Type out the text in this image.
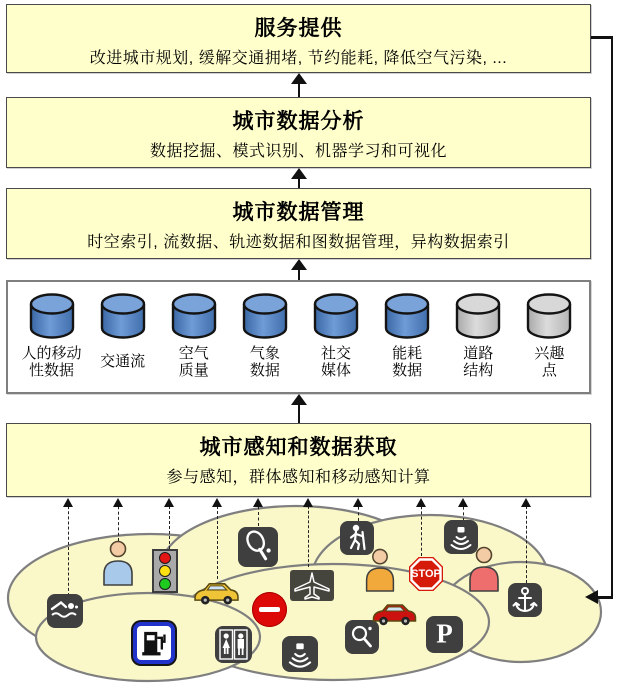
服务提供

改进城市规划, 缓解交通拥堵, 节约能耗, 降低空气污染, ...

城市数据分析

数据挖掘、模式识别、机器学习和可视化

城市数据管理

时空索引, 流数据、轨迹数据和图数据管理，异构数据索引

人的移动
性数据
交通流
空气
质量
气象
数据
社交
媒体
能耗
数据
道路
结构
兴趣
点
城市感知和数据获取

参与感知，群体感知和移动感知计算

STOP
P
